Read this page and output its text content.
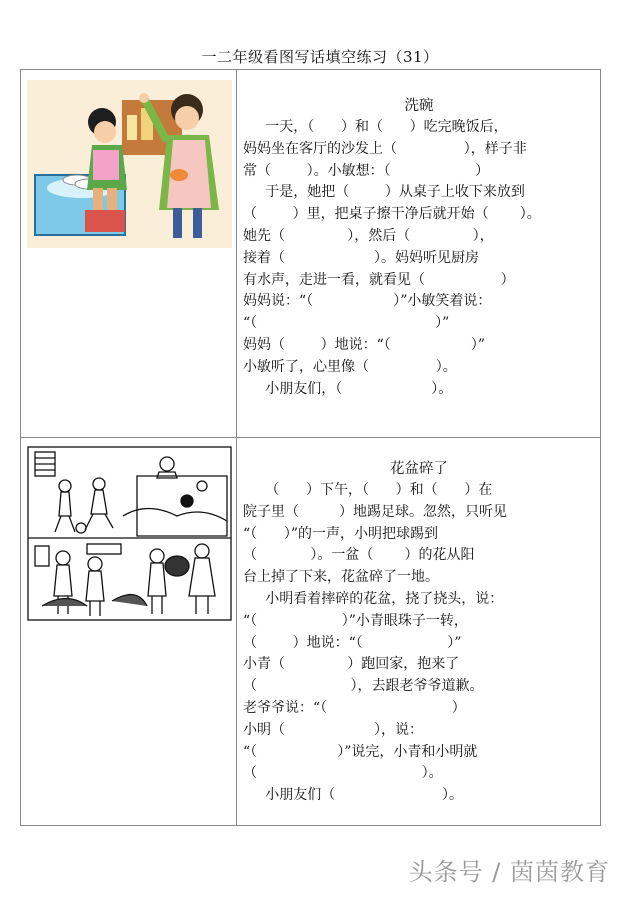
一二年级看图写话填空练习（31）
洗碗

一天，（      ）和（      ）吃完晚饭后，

妈妈坐在客厅的沙发上（               ），样子非

常（        ）。小敏想：（                   ）

于是，她把（        ）从桌子上收下来放到

（        ）里，把桌子擦干净后就开始（       ）。

她先（              ），然后（              ），

接着（                    ）。妈妈听见厨房

有水声，走进一看，就看见（                 ）

妈妈说：“（                  ）”小敏笑着说：

“（                                        ）”

妈妈（        ）地说：“（                  ）”

小敏听了，心里像（               ）。

小朋友们，（                    ）。

花盆碎了

（      ）下午，（      ）和（      ）在

院子里（         ）地踢足球。忽然，只听见

“（      ）”的一声，小明把球踢到

（            ）。一盆（       ）的花从阳

台上掉了下来，花盆碎了一地。

小明看着摔碎的花盆，挠了挠头，说：

“（                   ）”小青眼珠子一转，

（        ）地说：“（                   ）”

小青（              ）跑回家，抱来了

（                     ），去跟老爷爷道歉。

老爷爷说：“（                            ）

小明（                    ），说：

“（                  ）”说完，小青和小明就

（                                     ）。

小朋友们（                        ）。

头条号 / 茵茵教育
